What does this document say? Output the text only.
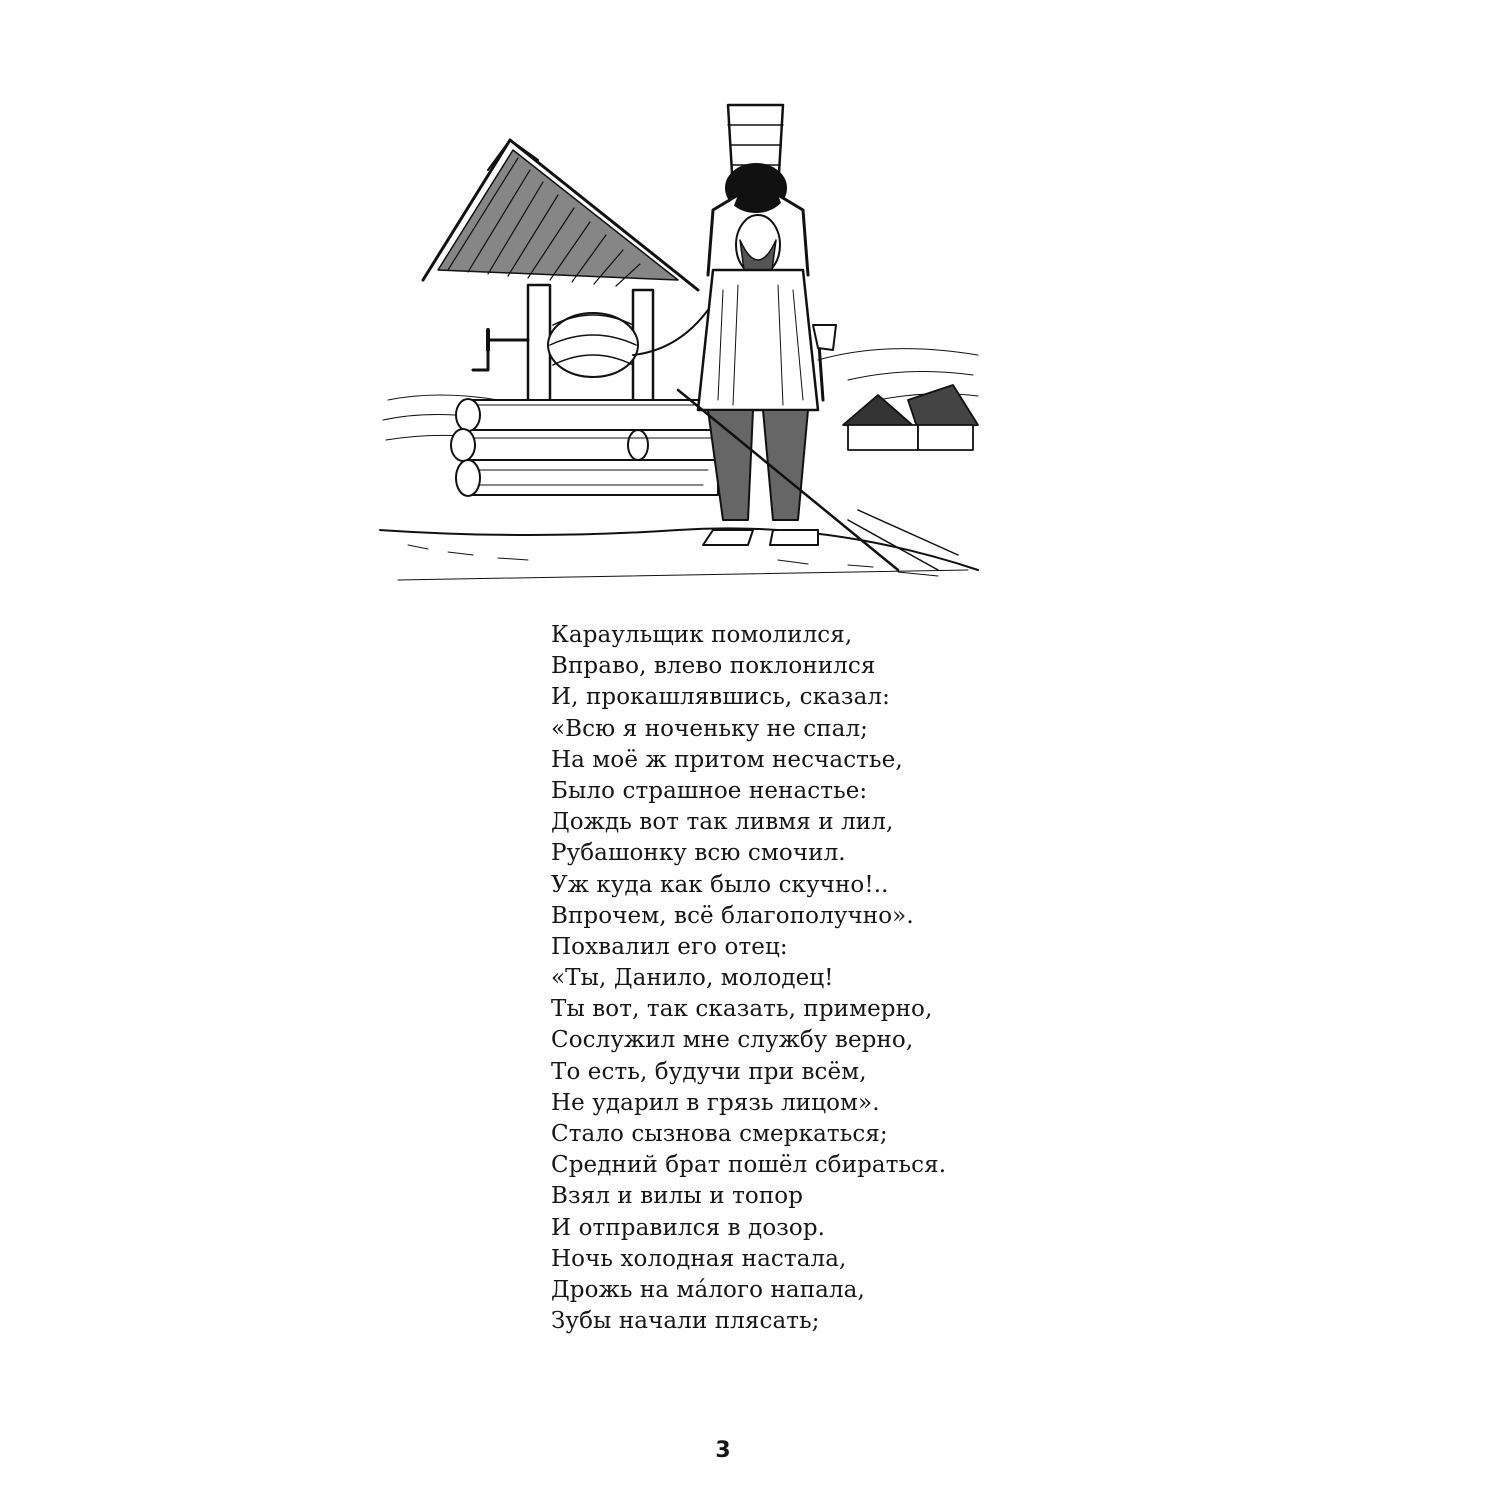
Караульщик помолился,
Вправо, влево поклонился
И, прокашлявшись, сказал:
«Всю я ноченьку не спал;
На моё ж притом несчастье,
Было страшное ненастье:
Дождь вот так ливмя и лил,
Рубашонку всю смочил.
Уж куда как было скучно!..
Впрочем, всё благополучно».
Похвалил его отец:
«Ты, Данило, молодец!
Ты вот, так сказать, примерно,
Сослужил мне службу верно,
То есть, будучи при всём,
Не ударил в грязь лицом».
Стало сызнова смеркаться;
Средний брат пошёл сбираться.
Взял и вилы и топор
И отправился в дозор.
Ночь холодная настала,
Дрожь на ма́лого напала,
Зубы начали плясать;
3
